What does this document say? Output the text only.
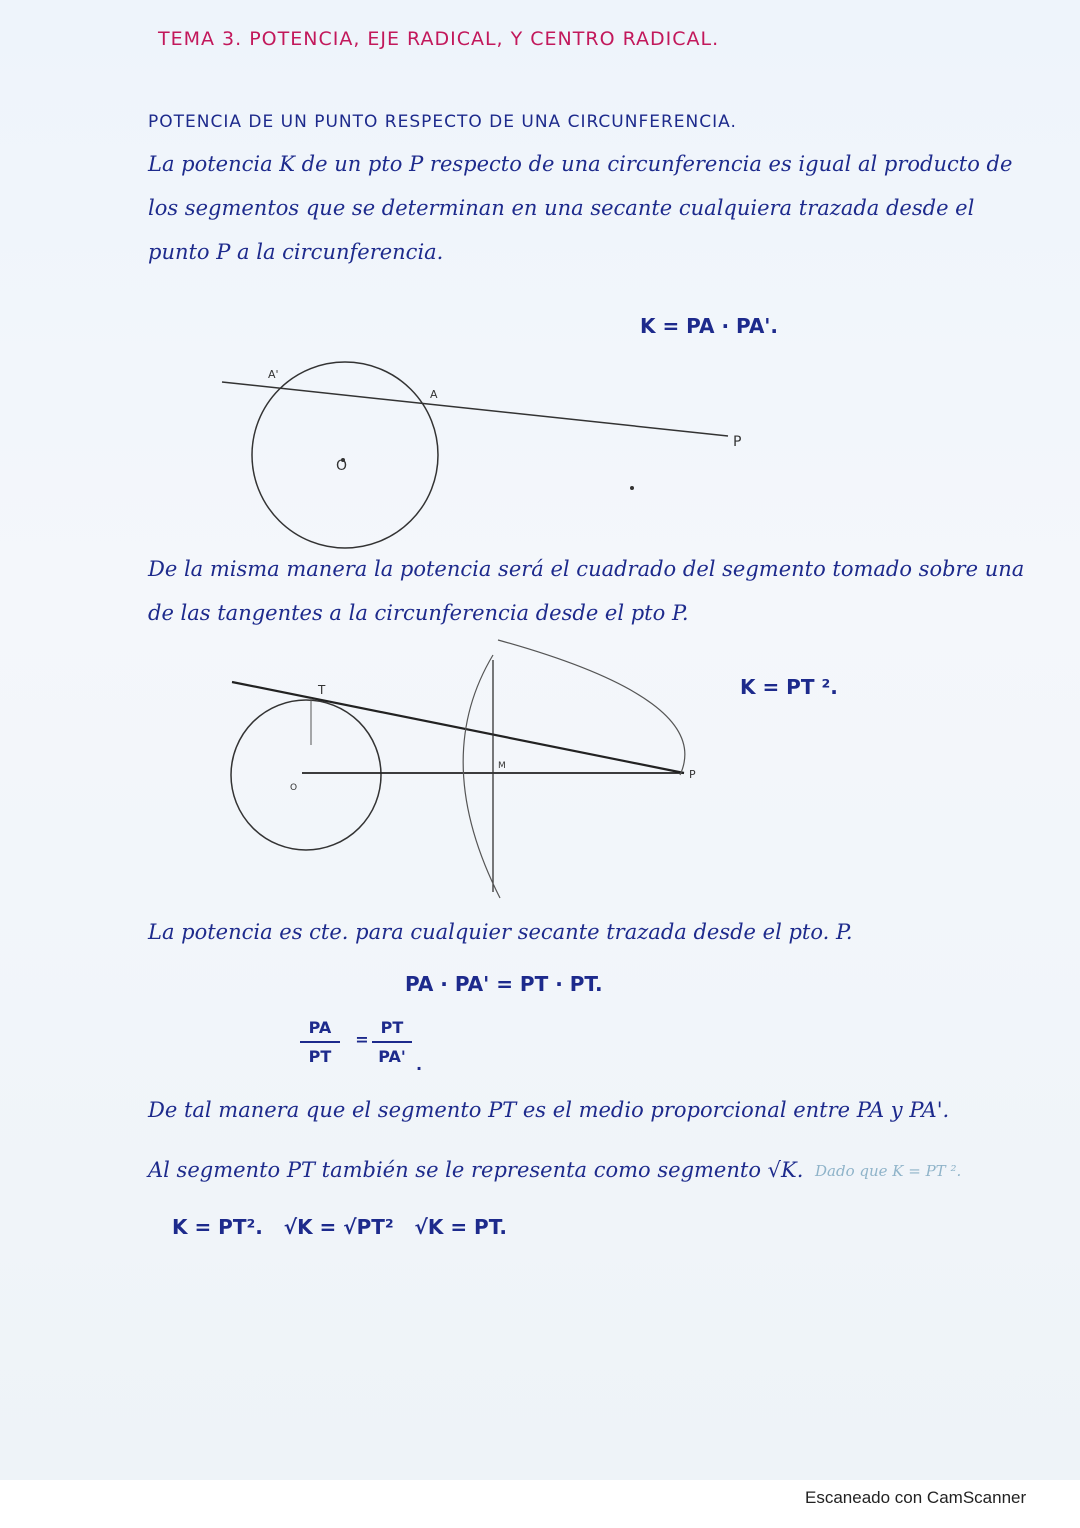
TEMA 3. POTENCIA, EJE RADICAL, Y CENTRO RADICAL.
POTENCIA DE UN PUNTO RESPECTO DE UNA CIRCUNFERENCIA.
La potencia K de un pto P respecto de una circunferencia es igual al producto de los segmentos que se determinan en una secante cualquiera trazada desde el punto P a la circunferencia.
K = PA · PA'.
A'
A
O
P
De la misma manera la potencia será el cuadrado del segmento tomado sobre una de las tangentes a la circunferencia desde el pto P.
K = PT ².
T
O
M
P
La potencia es cte. para cualquier secante trazada desde el pto. P.
PA · PA' = PT · PT.
$\frac{PA}{PT} = \frac{PT}{PA'}$ .
De tal manera que el segmento PT es el medio proporcional entre PA y PA'.
Al segmento PT también se le representa como segmento √K. Dado que K = PT ².
K = PT².   √K = √PT²   √K = PT.
Escaneado con CamScanner
